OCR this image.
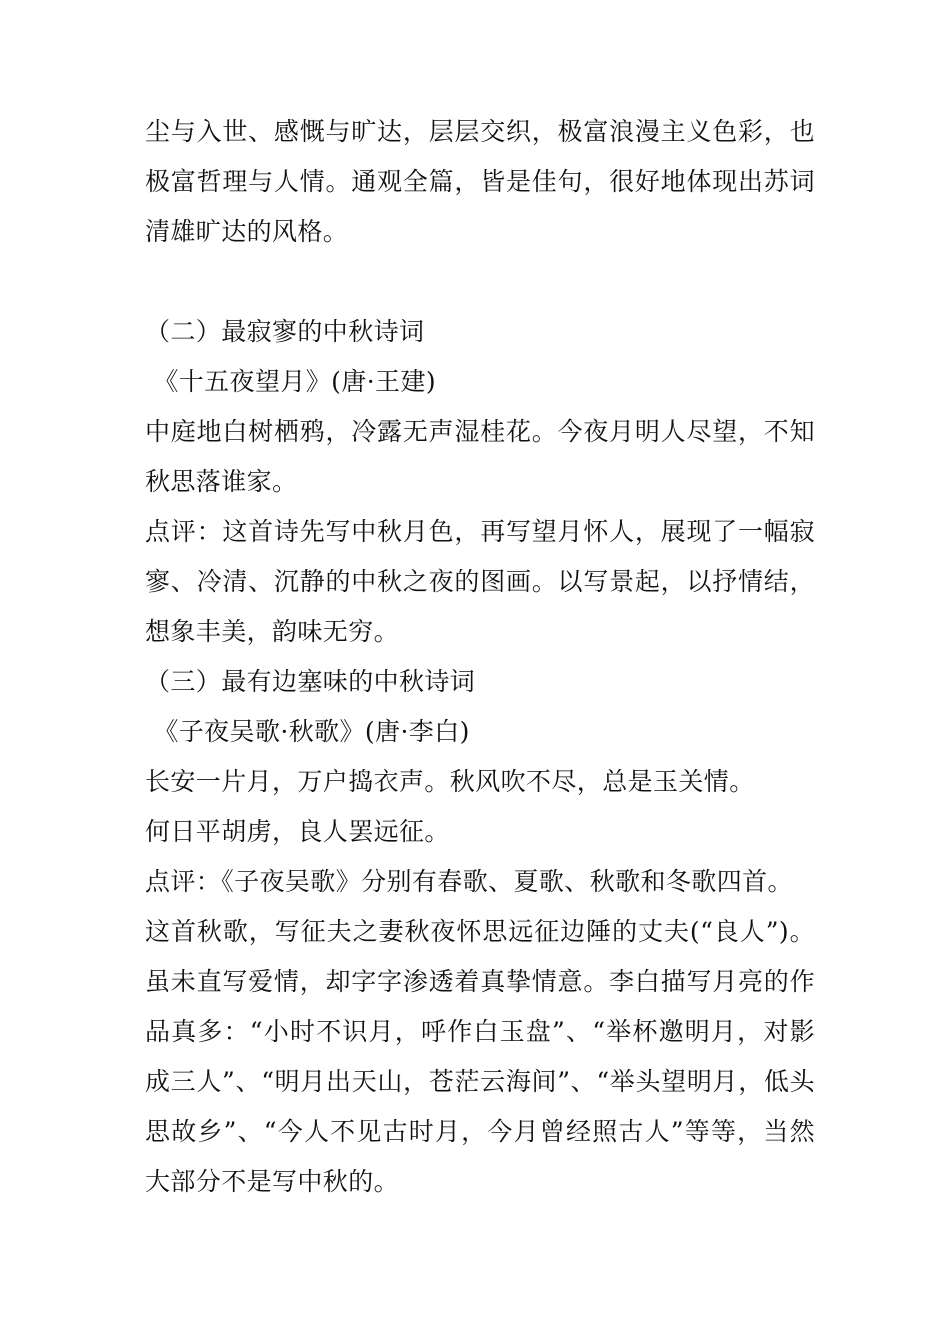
尘与入世、感慨与旷达，层层交织，极富浪漫主义色彩，也
极富哲理与人情。通观全篇，皆是佳句，很好地体现出苏词
清雄旷达的风格。
（二）最寂寥的中秋诗词
《十五夜望月》(唐·王建)
中庭地白树栖鸦，冷露无声湿桂花。今夜月明人尽望，不知
秋思落谁家。
点评：这首诗先写中秋月色，再写望月怀人，展现了一幅寂
寥、冷清、沉静的中秋之夜的图画。以写景起，以抒情结，
想象丰美，韵味无穷。
（三）最有边塞味的中秋诗词
《子夜吴歌·秋歌》(唐·李白)
长安一片月，万户捣衣声。秋风吹不尽，总是玉关情。
何日平胡虏，良人罢远征。
点评：《子夜吴歌》分别有春歌、夏歌、秋歌和冬歌四首。
这首秋歌，写征夫之妻秋夜怀思远征边陲的丈夫(“良人”)。
虽未直写爱情，却字字渗透着真挚情意。李白描写月亮的作
品真多：“小时不识月，呼作白玉盘”、“举杯邀明月，对影
成三人”、“明月出天山，苍茫云海间”、“举头望明月，低头
思故乡”、“今人不见古时月，今月曾经照古人”等等，当然
大部分不是写中秋的。
